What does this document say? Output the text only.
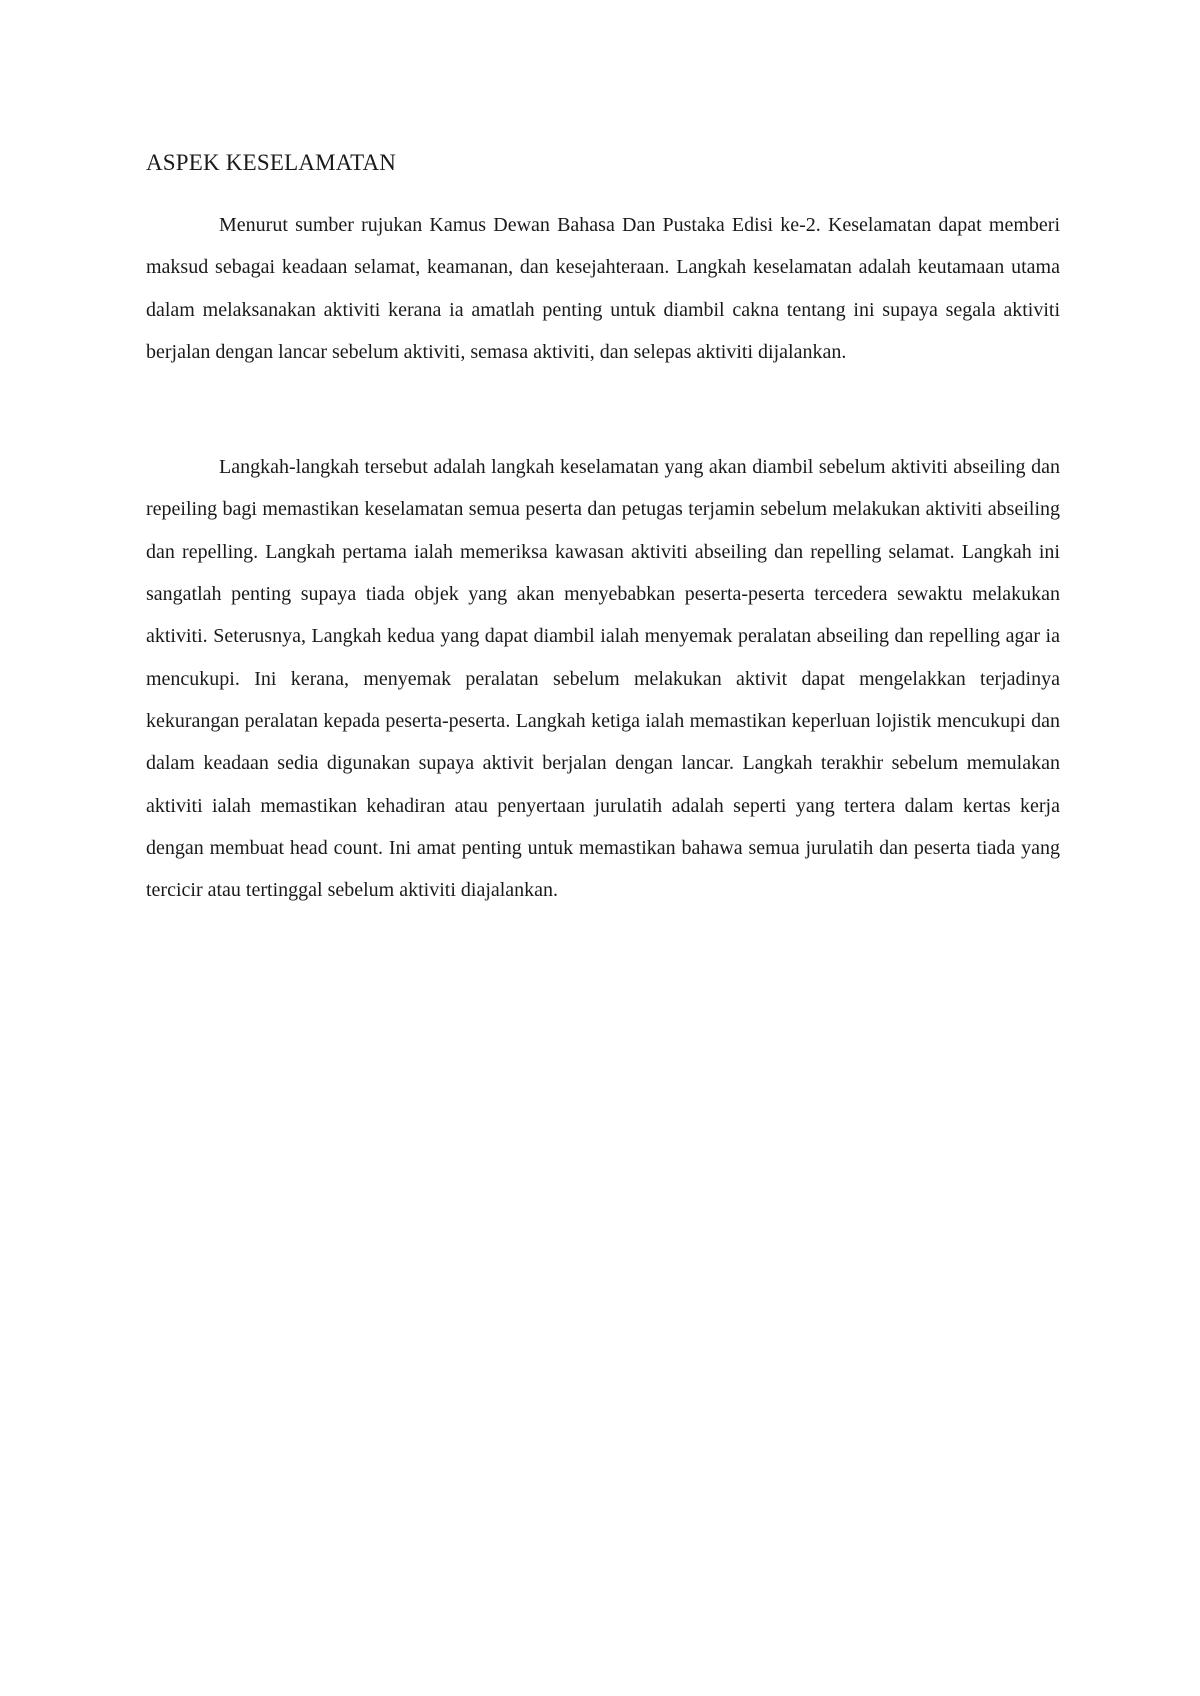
ASPEK KESELAMATAN

Menurut sumber rujukan Kamus Dewan Bahasa Dan Pustaka Edisi ke-2. Keselamatan dapat memberi maksud sebagai keadaan selamat, keamanan, dan kesejahteraan. Langkah keselamatan adalah keutamaan utama dalam melaksanakan aktiviti kerana ia amatlah penting untuk diambil cakna tentang ini supaya segala aktiviti berjalan dengan lancar sebelum aktiviti, semasa aktiviti, dan selepas aktiviti dijalankan.

Langkah-langkah tersebut adalah langkah keselamatan yang akan diambil sebelum aktiviti abseiling dan repeiling bagi memastikan keselamatan semua peserta dan petugas terjamin sebelum melakukan aktiviti abseiling dan repelling. Langkah pertama ialah memeriksa kawasan aktiviti abseiling dan repelling selamat. Langkah ini sangatlah penting supaya tiada objek yang akan menyebabkan peserta-peserta tercedera sewaktu melakukan aktiviti. Seterusnya, Langkah kedua yang dapat diambil ialah menyemak peralatan abseiling dan repelling agar ia mencukupi. Ini kerana, menyemak peralatan sebelum melakukan aktivit dapat mengelakkan terjadinya kekurangan peralatan kepada peserta-peserta. Langkah ketiga ialah memastikan keperluan lojistik mencukupi dan dalam keadaan sedia digunakan supaya aktivit berjalan dengan lancar. Langkah terakhir sebelum memulakan aktiviti ialah memastikan kehadiran atau penyertaan jurulatih adalah seperti yang tertera dalam kertas kerja dengan membuat head count. Ini amat penting untuk memastikan bahawa semua jurulatih dan peserta tiada yang tercicir atau tertinggal sebelum aktiviti diajalankan.
